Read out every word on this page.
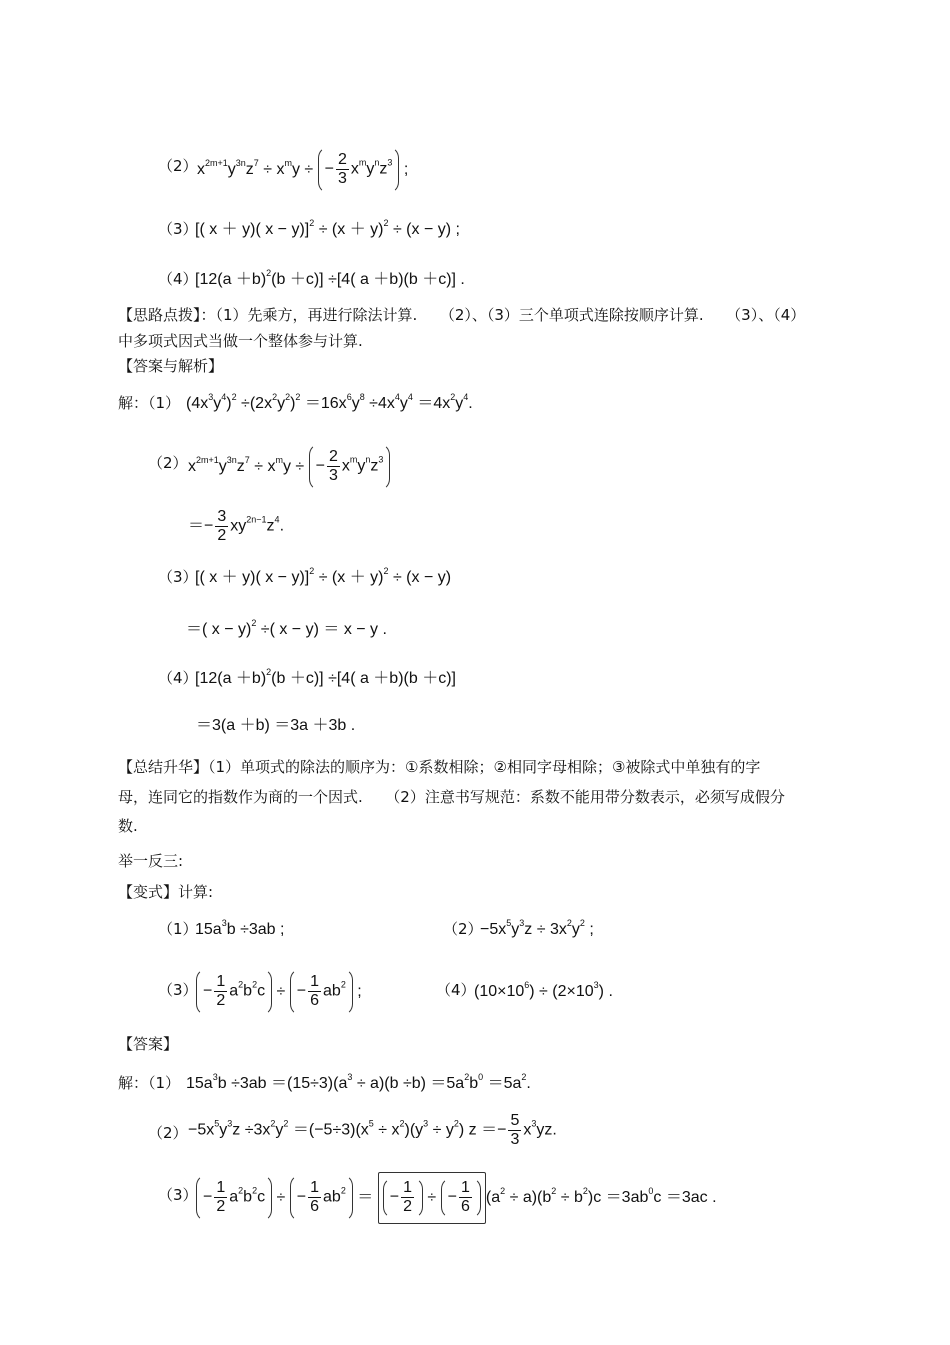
（2） $x^{2m+1}y^{3n}z^7 \div x^my$ ÷ − $\frac{2}{3} x^my^nz^3$ ;
（3）
[( x ＋ y)( $x - y)]^2 \div (x + y)^2 \div (x - y)$ ;
（4）
$[12(a +b)^2(b +c)] \div[4$( a ＋b)(b ＋c)] .
【思路点拨】：（1）先乘方，再进行除法计算.　　（2）、（3）三个单项式连除按顺序计算.　　（3）、（4）
中多项式因式当做一个整体参与计算.
【答案与解析】
解：（1） $(4x^3y^4)^2 \div(2x^2y^2)^2 =16x^6y^8 \div 4x^4y^4 =4x^2y^4$.
（2） $x^{2m+1}y^{3n}z^7 \div x^my$ ÷ − $\frac{2}{3} x^my^nz^3$
＝− $\frac{3}{2} xy^{2n-1}z^4$.
（3）
[( x ＋ y)( $x - y)]^2 \div (x + y)^2 \div (x - y)$
＝( x − y)$^2$ ÷( x − y) ＝ x − y .
（4）
$[12(a +b)^2(b +c)] \div[4$( a ＋b)(b ＋c)]
＝3(a ＋b) ＝3a ＋3b .
【总结升华】（1）单项式的除法的顺序为：①系数相除；②相同字母相除；③被除式中单独有的字
母，连同它的指数作为商的一个因式.　　（2）注意书写规范：系数不能用带分数表示，必须写成假分
数.
举一反三:
【变式】计算:
（1）
$15a^3b \div 3ab$ ;	（2）
$-5x^5y^3z \div 3x^2y^2$ ;
$(3) - \frac{1}{2} a^2b^2c$ ÷ − $\frac{1}{6} ab^2$ ;	（4）
$(10\times 10^6) \div (2\times 10^3)$ .
【答案】
解：（1） $15a^3b \div 3ab =(15\div 3)(a^3 \div a)(b \div b) =5a^2b^0 =5a^2$.
$(2) -5x^5y^3z \div 3x^2y^2 =(-5\div 3)(x^5 \div x^2)(y^3 \div y^2) z =- \frac{5}{3} x^3yz$.
$(3) - \frac{1}{2} a^2b^2c$ ÷ − $\frac{1}{6} ab^2$ ＝ − $\frac{1}{2}$ ÷ − $\frac{1}{6} (a^2 \div a)(b^2 \div b^2)c =3ab^0c =3ac$ .
